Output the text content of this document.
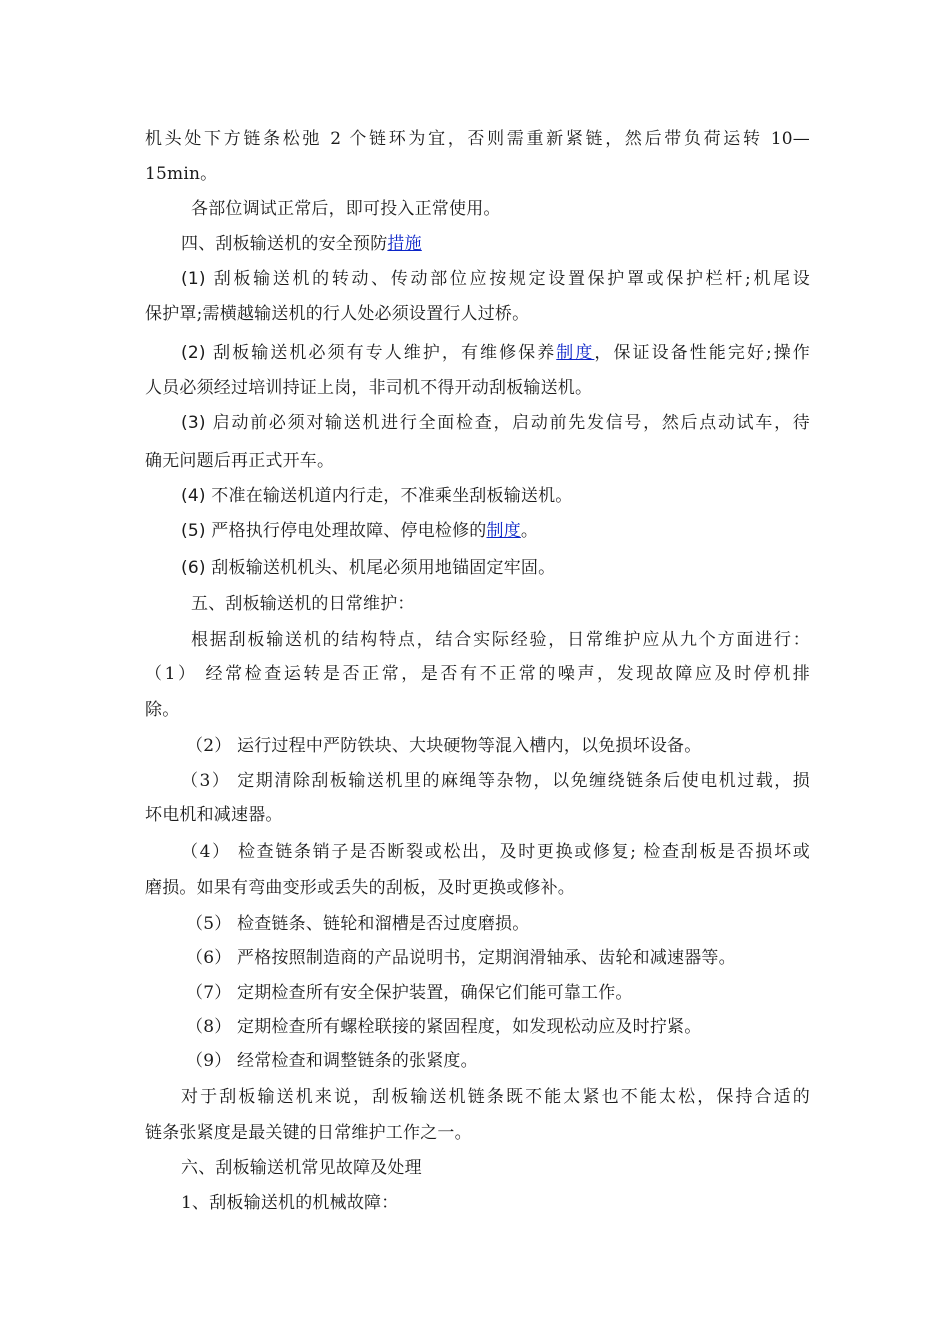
机头处下方链条松弛 2 个链环为宜，否则需重新紧链，然后带负荷运转 10—
15min。
各部位调试正常后，即可投入正常使用。
四、刮板输送机的安全预防措施
(1) 刮板输送机的转动、传动部位应按规定设置保护罩或保护栏杆;机尾设
保护罩;需横越输送机的行人处必须设置行人过桥。
(2) 刮板输送机必须有专人维护，有维修保养制度，保证设备性能完好;操作
人员必须经过培训持证上岗，非司机不得开动刮板输送机。
(3) 启动前必须对输送机进行全面检查，启动前先发信号，然后点动试车，待
确无问题后再正式开车。
(4) 不准在输送机道内行走，不准乘坐刮板输送机。
(5) 严格执行停电处理故障、停电检修的制度。
(6) 刮板输送机机头、机尾必须用地锚固定牢固。
五、刮板输送机的日常维护：
根据刮板输送机的结构特点，结合实际经验，日常维护应从九个方面进行：
（1） 经常检查运转是否正常，是否有不正常的噪声，发现故障应及时停机排
除。
（2） 运行过程中严防铁块、大块硬物等混入槽内，以免损坏设备。
（3） 定期清除刮板输送机里的麻绳等杂物，以免缠绕链条后使电机过载，损
坏电机和减速器。
（4） 检查链条销子是否断裂或松出，及时更换或修复; 检查刮板是否损坏或
磨损。如果有弯曲变形或丢失的刮板，及时更换或修补。
（5） 检查链条、链轮和溜槽是否过度磨损。
（6） 严格按照制造商的产品说明书，定期润滑轴承、齿轮和减速器等。
（7） 定期检查所有安全保护装置，确保它们能可靠工作。
（8） 定期检查所有螺栓联接的紧固程度，如发现松动应及时拧紧。
（9） 经常检查和调整链条的张紧度。
对于刮板输送机来说，刮板输送机链条既不能太紧也不能太松，保持合适的
链条张紧度是最关键的日常维护工作之一。
六、刮板输送机常见故障及处理
1、刮板输送机的机械故障：
